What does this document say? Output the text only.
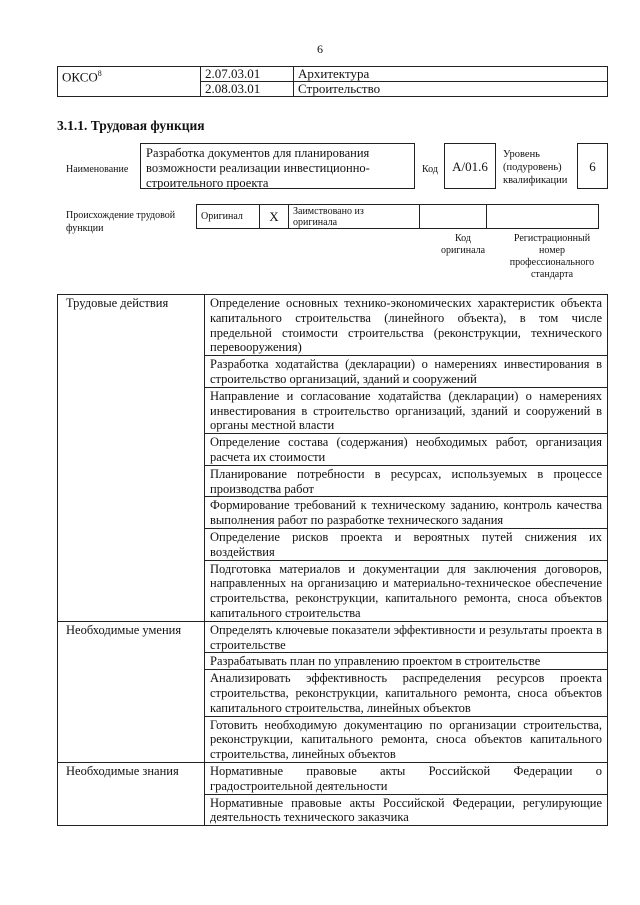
6
ОКСО$^8$	2.07.03.01	Архитектура
	2.08.03.01	Строительство
3.1.1. Трудовая функция
Наименование
Разработка документов для планирования
возможности реализации инвестиционно-
строительного проекта
Код	A/01.6
Уровень
(подуровень)
квалификации
6
Происхождение трудовой
функции
Оригинал	X	Заимствовано из
оригинала

Код
оригинала
Регистрационный
номер
профессионального
стандарта
Трудовые действия	Определение основных технико-экономических характеристик объекта капитального строительства (линейного объекта), в том числе предельной стоимости строительства (реконструкции, технического перевооружения)
	Разработка ходатайства (декларации) о намерениях инвестирования в строительство организаций, зданий и сооружений
	Направление и согласование ходатайства (декларации) о намерениях инвестирования в строительство организаций, зданий и сооружений в органы местной власти
	Определение состава (содержания) необходимых работ, организация расчета их стоимости
	Планирование потребности в ресурсах, используемых в процессе производства работ
	Формирование требований к техническому заданию, контроль качества выполнения работ по разработке технического задания
	Определение рисков проекта и вероятных путей снижения их воздействия
	Подготовка материалов и документации для заключения договоров, направленных на организацию и материально-техническое обеспечение строительства, реконструкции, капитального ремонта, сноса объектов капитального строительства
Необходимые умения	Определять ключевые показатели эффективности и результаты проекта в строительстве
	Разрабатывать план по управлению проектом в строительстве
	Анализировать эффективность распределения ресурсов проекта строительства, реконструкции, капитального ремонта, сноса объектов капитального строительства, линейных объектов
	Готовить необходимую документацию по организации строительства, реконструкции, капитального ремонта, сноса объектов капитального строительства, линейных объектов
Необходимые знания	Нормативные правовые акты Российской Федерации о градостроительной деятельности
	Нормативные правовые акты Российской Федерации, регулирующие деятельность технического заказчика
